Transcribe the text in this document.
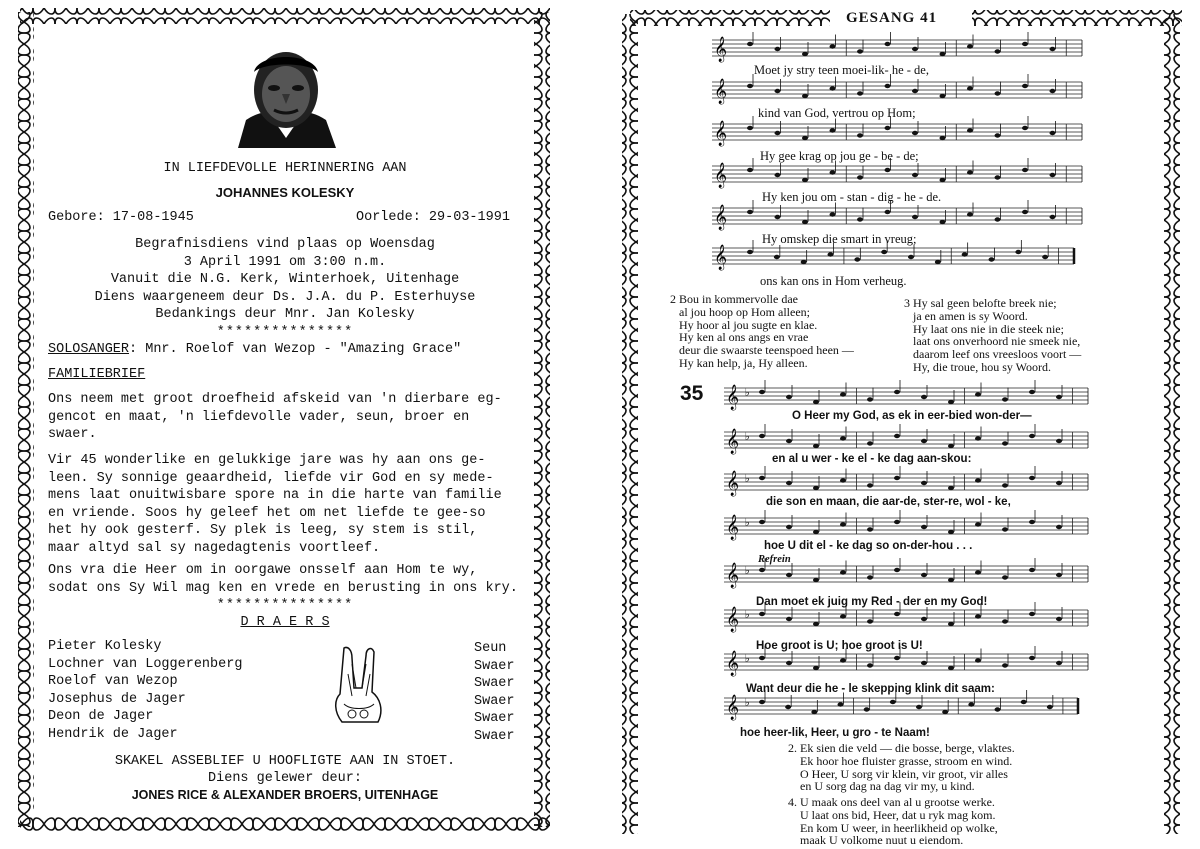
IN LIEFDEVOLLE HERINNERING AAN
JOHANNES KOLESKY
Gebore: 17-08-1945	Oorlede: 29-03-1991
Begrafnisdiens vind plaas op Woensdag
3 April 1991 om 3:00 n.m.
Vanuit die N.G. Kerk, Winterhoek, Uitenhage
Diens waargeneem deur Ds. J.A. du P. Esterhuyse
Bedankings deur Mnr. Jan Kolesky
***************
SOLOSANGER: Mnr. Roelof van Wezop - "Amazing Grace"
FAMILIEBRIEF
Ons neem met groot droefheid afskeid van 'n dierbare eg-
gencot en maat, 'n liefdevolle vader, seun, broer en
swaer.
Vir 45 wonderlike en gelukkige jare was hy aan ons ge-
leen. Sy sonnige geaardheid, liefde vir God en sy mede-
mens laat onuitwisbare spore na in die harte van familie
en vriende. Soos hy geleef het om net liefde te gee-so
het hy ook gesterf. Sy plek is leeg, sy stem is stil,
maar altyd sal sy nagedagtenis voortleef.
Ons vra die Heer om in oorgawe onsself aan Hom te wy,
sodat ons Sy Wil mag ken en vrede en berusting in ons kry.
***************
D R A E R S
Pieter Kolesky
Lochner van Loggerenberg
Roelof van Wezop
Josephus de Jager
Deon de Jager
Hendrik de Jager
Seun
Swaer
Swaer
Swaer
Swaer
Swaer
SKAKEL ASSEBLIEF U HOOFLIGTE AAN IN STOET.
Diens gelewer deur:
JONES RICE & ALEXANDER BROERS, UITENHAGE
GESANG 41
𝄞
𝄞
𝄞
𝄞
𝄞
𝄞
Moet jy stry teen moei-lik- he - de,
kind van God, vertrou op Hom;
Hy gee krag op jou ge - be - de;
Hy ken jou om - stan - dig - he - de.
Hy omskep die smart in vreug;
ons kan ons in Hom verheug.
2 Bou in kommervolle dae
al jou hoop op Hom alleen;
Hy hoor al jou sugte en klae.
Hy ken al ons angs en vrae
deur die swaarste teenspoed heen —
Hy kan help, ja, Hy alleen.
3 Hy sal geen belofte breek nie;
ja en amen is sy Woord.
Hy laat ons nie in die steek nie;
laat ons onverhoord nie smeek nie,
daarom leef ons vreesloos voort —
Hy, die troue, hou sy Woord.
35 𝄞 ♭
𝄞 ♭
𝄞 ♭
𝄞 ♭
𝄞 ♭
𝄞 ♭
𝄞 ♭
𝄞 ♭
O Heer my God, as ek in eer-bied won-der—
en al u wer - ke el - ke dag aan-skou:
die son en maan, die aar-de, ster-re, wol - ke,
hoe U dit el - ke dag so on-der-hou . . .
Refrein
Dan moet ek juig my Red - der en my God!
Hoe groot is U; hoe groot is U!
Want deur die he - le skepping klink dit saam:
hoe heer-lik, Heer, u gro - te Naam!
2. Ek sien die veld — die bosse, berge, vlaktes.
Ek hoor hoe fluister grasse, stroom en wind.
O Heer, U sorg vir klein, vir groot, vir alles
en U sorg dag na dag vir my, u kind.
4. U maak ons deel van al u grootse werke.
U laat ons bid, Heer, dat u ryk mag kom.
En kom U weer, in heerlikheid op wolke,
maak U volkome nuut u eiendom.
